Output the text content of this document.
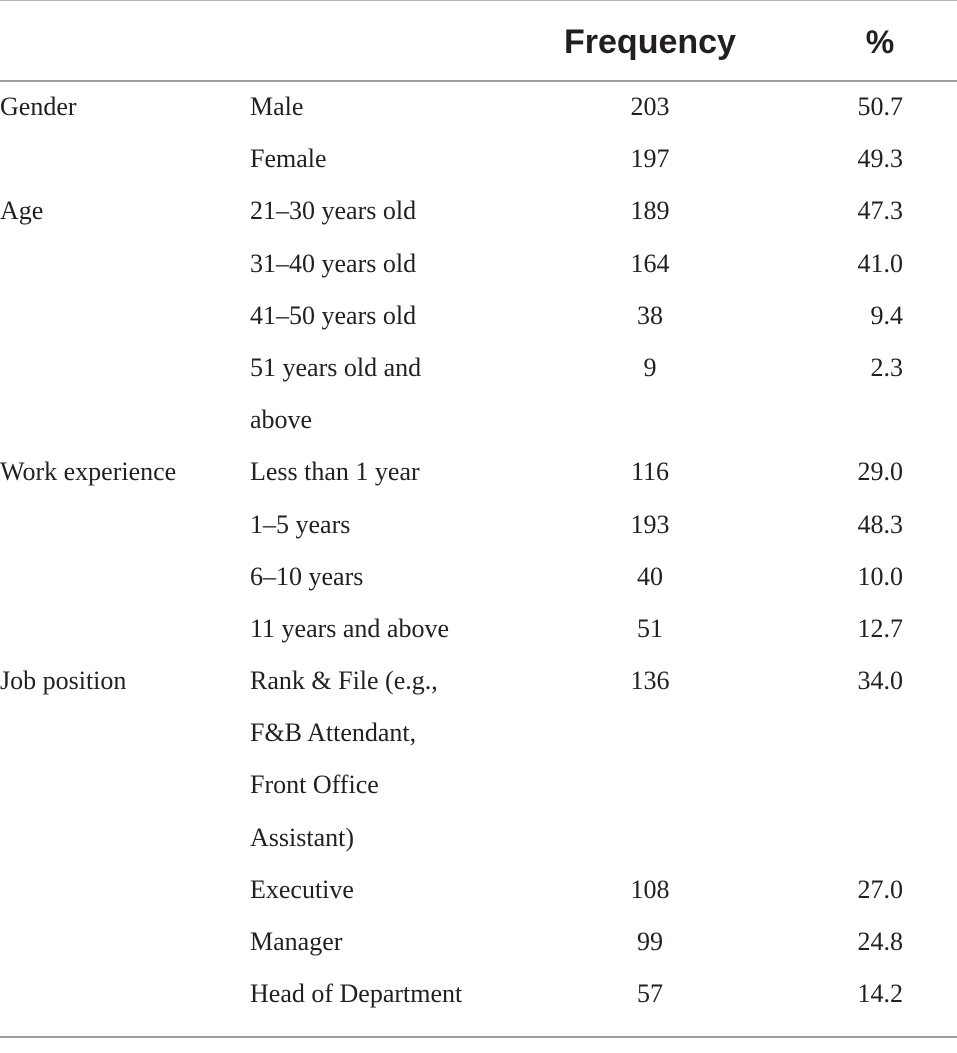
Frequency	%
Gender	Male	203	50.7
Female	197	49.3
Age	21–30 years old	189	47.3
31–40 years old	164	41.0
41–50 years old	38	9.4
51 years old and
above
9	2.3
Work experience	Less than 1 year	116	29.0
1–5 years	193	48.3
6–10 years	40	10.0
11 years and above	51	12.7
Job position	Rank & File (e.g.,
F&B Attendant,
Front Office
Assistant)
136	34.0
Executive	108	27.0
Manager	99	24.8
Head of Department	57	14.2
